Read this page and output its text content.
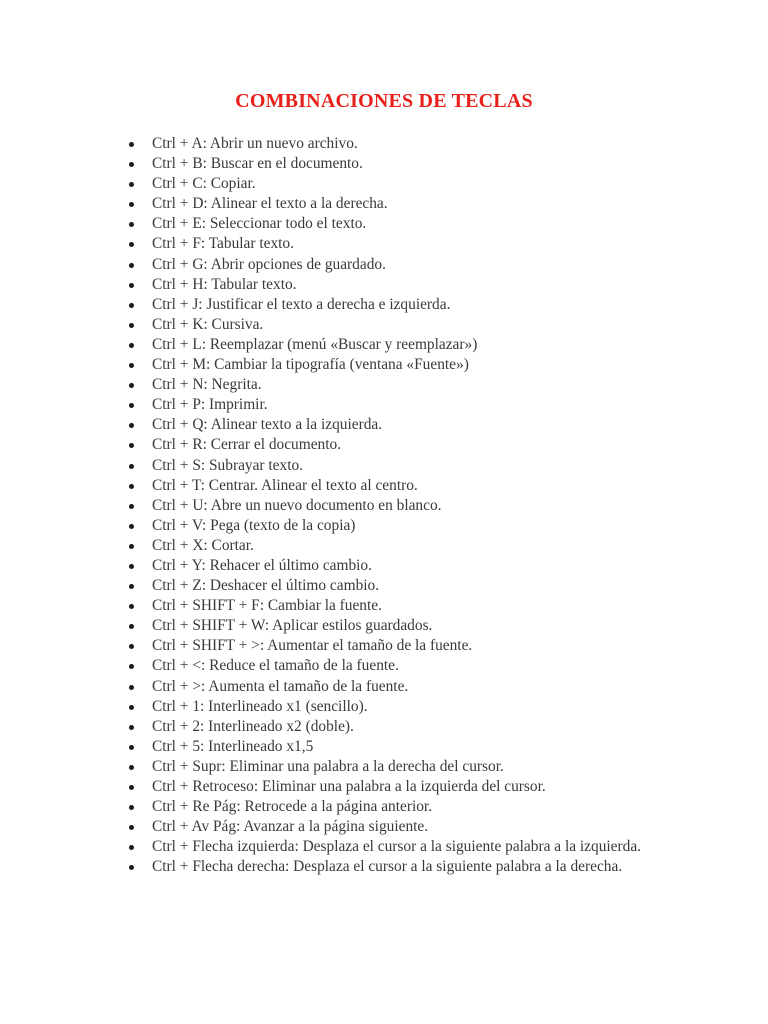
COMBINACIONES DE TECLAS
Ctrl + A: Abrir un nuevo archivo.
Ctrl + B: Buscar en el documento.
Ctrl + C: Copiar.
Ctrl + D: Alinear el texto a la derecha.
Ctrl + E: Seleccionar todo el texto.
Ctrl + F: Tabular texto.
Ctrl + G: Abrir opciones de guardado.
Ctrl + H: Tabular texto.
Ctrl + J: Justificar el texto a derecha e izquierda.
Ctrl + K: Cursiva.
Ctrl + L: Reemplazar (menú «Buscar y reemplazar»)
Ctrl + M: Cambiar la tipografía (ventana «Fuente»)
Ctrl + N: Negrita.
Ctrl + P: Imprimir.
Ctrl + Q: Alinear texto a la izquierda.
Ctrl + R: Cerrar el documento.
Ctrl + S: Subrayar texto.
Ctrl + T: Centrar. Alinear el texto al centro.
Ctrl + U: Abre un nuevo documento en blanco.
Ctrl + V: Pega (texto de la copia)
Ctrl + X: Cortar.
Ctrl + Y: Rehacer el último cambio.
Ctrl + Z: Deshacer el último cambio.
Ctrl + SHIFT + F: Cambiar la fuente.
Ctrl + SHIFT + W: Aplicar estilos guardados.
Ctrl + SHIFT + >: Aumentar el tamaño de la fuente.
Ctrl + <: Reduce el tamaño de la fuente.
Ctrl + >: Aumenta el tamaño de la fuente.
Ctrl + 1: Interlineado x1 (sencillo).
Ctrl + 2: Interlineado x2 (doble).
Ctrl + 5: Interlineado x1,5
Ctrl + Supr: Eliminar una palabra a la derecha del cursor.
Ctrl + Retroceso: Eliminar una palabra a la izquierda del cursor.
Ctrl + Re Pág: Retrocede a la página anterior.
Ctrl + Av Pág: Avanzar a la página siguiente.
Ctrl + Flecha izquierda: Desplaza el cursor a la siguiente palabra a la izquierda.
Ctrl + Flecha derecha: Desplaza el cursor a la siguiente palabra a la derecha.
